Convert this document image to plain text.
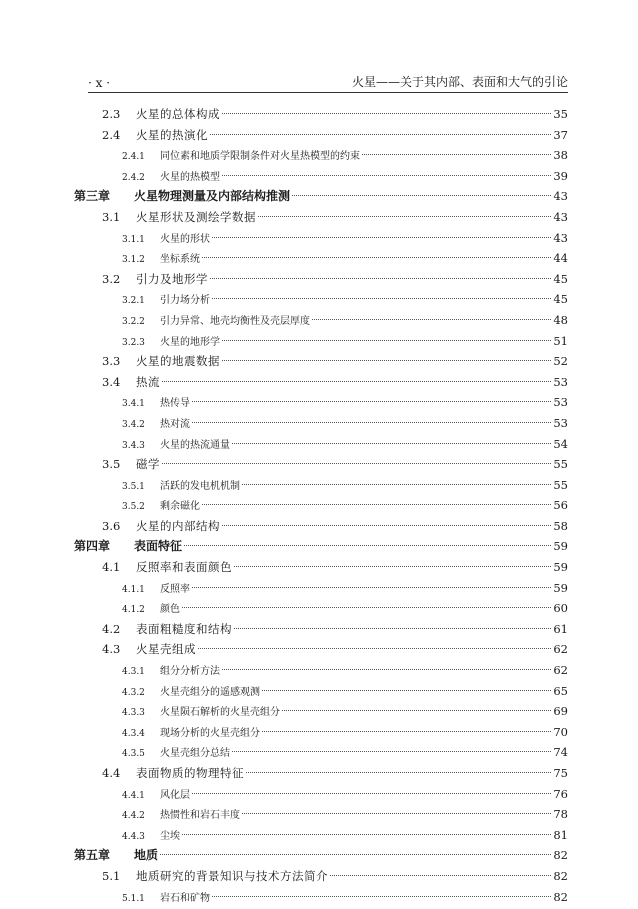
· x ·	火星——关于其内部、表面和大气的引论
2.3	火星的总体构成	35
2.4	火星的热演化	37
2.4.1	同位素和地质学限制条件对火星热模型的约束	38
2.4.2	火星的热模型	39
第三章	火星物理测量及内部结构推测	43
3.1	火星形状及测绘学数据	43
3.1.1	火星的形状	43
3.1.2	坐标系统	44
3.2	引力及地形学	45
3.2.1	引力场分析	45
3.2.2	引力异常、地壳均衡性及壳层厚度	48
3.2.3	火星的地形学	51
3.3	火星的地震数据	52
3.4	热流	53
3.4.1	热传导	53
3.4.2	热对流	53
3.4.3	火星的热流通量	54
3.5	磁学	55
3.5.1	活跃的发电机机制	55
3.5.2	剩余磁化	56
3.6	火星的内部结构	58
第四章	表面特征	59
4.1	反照率和表面颜色	59
4.1.1	反照率	59
4.1.2	颜色	60
4.2	表面粗糙度和结构	61
4.3	火星壳组成	62
4.3.1	组分分析方法	62
4.3.2	火星壳组分的遥感观测	65
4.3.3	火星陨石解析的火星壳组分	69
4.3.4	现场分析的火星壳组分	70
4.3.5	火星壳组分总结	74
4.4	表面物质的物理特征	75
4.4.1	风化层	76
4.4.2	热惯性和岩石丰度	78
4.4.3	尘埃	81
第五章	地质	82
5.1	地质研究的背景知识与技术方法简介	82
5.1.1	岩石和矿物	82
